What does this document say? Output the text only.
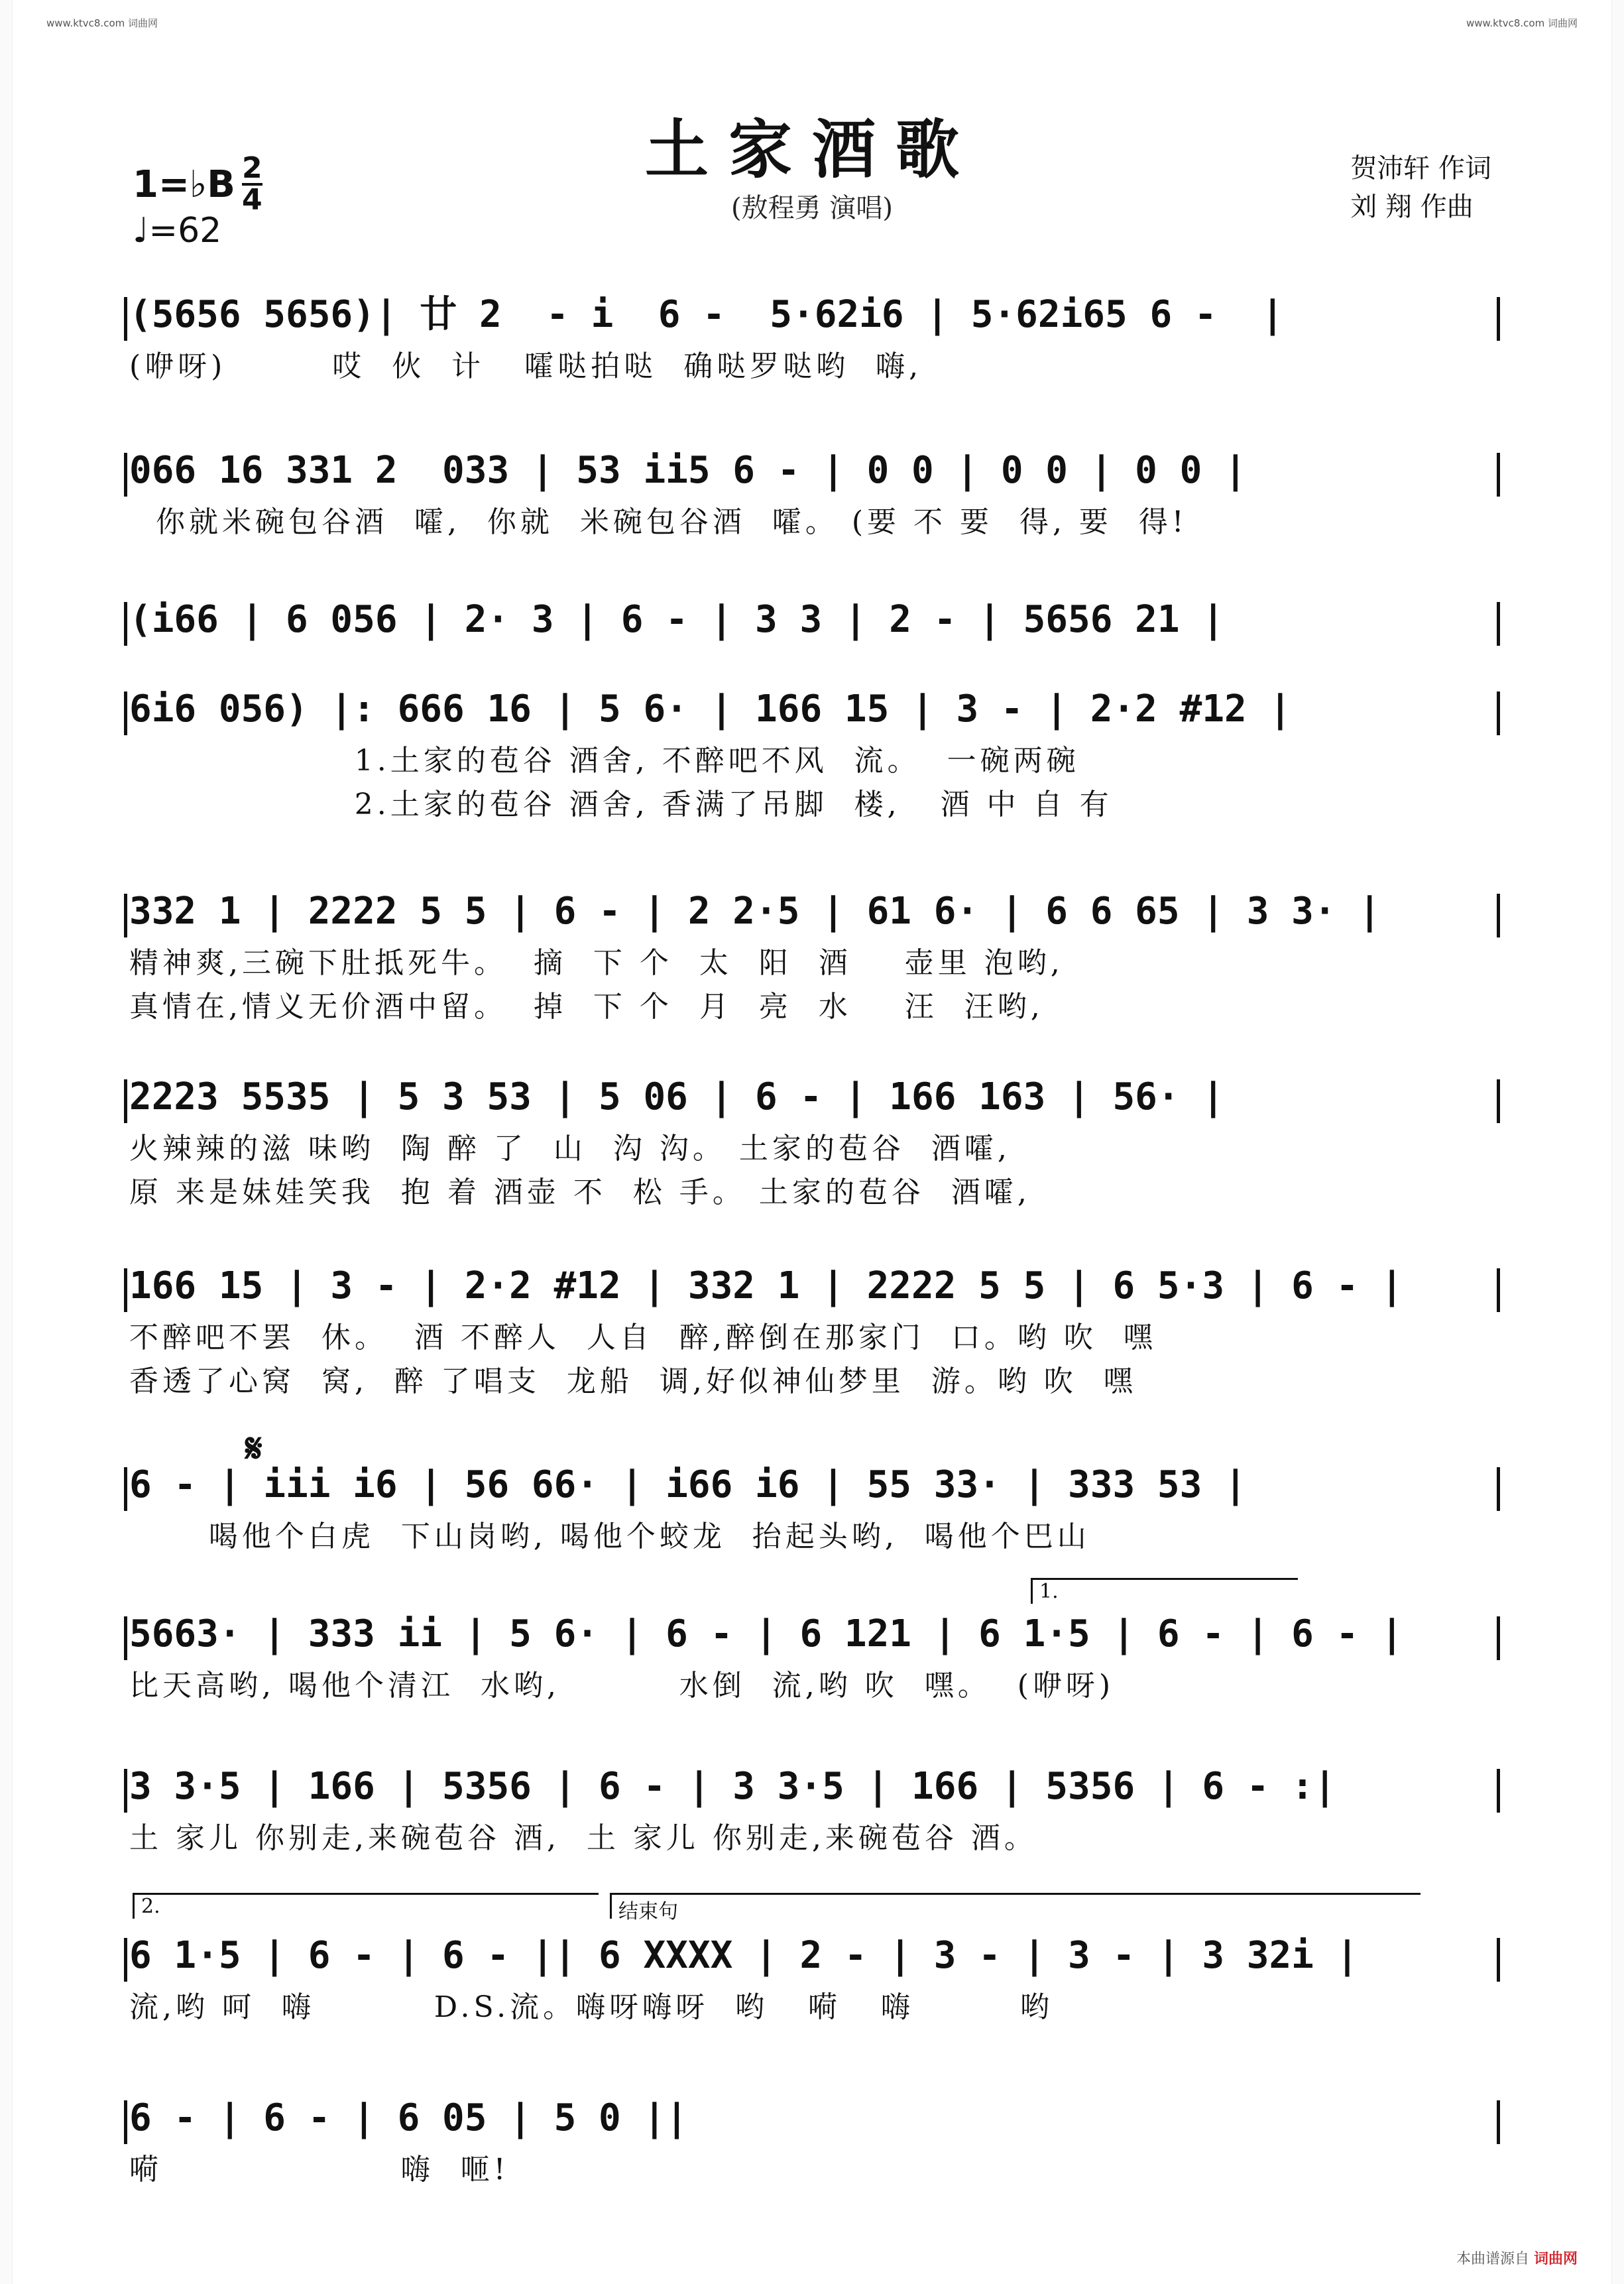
www.ktvc8.com 词曲网	www.ktvc8.com 词曲网
土家酒歌
(敖程勇 演唱)
贺沛轩 作词
刘 翔 作曲
1=♭B $\frac{2}{4}$
♩=62
(5656 5656)| 廿 2  - i  6 -  5·62i6 | 5·62i65 6 -  |
(咿呀)        哎  伙  计   嚯哒拍哒  确哒罗哒哟  嗨,
066 16 331 2  033 | 53 ii5 6 - | 0 0 | 0 0 | 0 0 |
你就米碗包谷酒  嚯,  你就  米碗包谷酒  嚯。 (要 不 要  得, 要  得!
(i66 | 6 056 | 2· 3 | 6 - | 3 3 | 2 - | 5656 21 |
6i6 056) |: 666 16 | 5 6· | 166 15 | 3 - | 2·2 #12 |
1.土家的苞谷 酒舍, 不醉吧不风  流。  一碗两碗
2.土家的苞谷 酒舍, 香满了吊脚  楼,   酒 中 自 有
332 1 | 2222 5 5 | 6 - | 2 2·5 | 61 6· | 6 6 65 | 3 3· |
精神爽,三碗下肚抵死牛。  摘  下 个  太  阳  酒    壶里 泡哟,
真情在,情义无价酒中留。  掉  下 个  月  亮  水    汪  汪哟,
2223 5535 | 5 3 53 | 5 06 | 6 - | 166 163 | 56· |
火辣辣的滋 味哟  陶 醉 了  山  沟 沟。 土家的苞谷  酒嚯,
原 来是妹娃笑我  抱 着 酒壶 不  松 手。 土家的苞谷  酒嚯,
166 15 | 3 - | 2·2 #12 | 332 1 | 2222 5 5 | 6 5·3 | 6 - |
不醉吧不罢  休。  酒 不醉人  人自  醉,醉倒在那家门  口。哟 吹  嘿
香透了心窝  窝,  醉 了唱支  龙船  调,好似神仙梦里  游。哟 吹  嘿
6 - | iii i6 | 56 66· | i66 i6 | 55 33· | 333 53 |
喝他个白虎  下山岗哟, 喝他个蛟龙  抬起头哟,  喝他个巴山
5663· | 333 ii | 5 6· | 6 - | 6 121 | 6 1·5 | 6 - | 6 - |
比天高哟, 喝他个清江  水哟,         水倒  流,哟 吹  嘿。  (咿呀)
3 3·5 | 166 | 5356 | 6 - | 3 3·5 | 166 | 5356 | 6 - :|
土 家儿 你别走,来碗苞谷 酒,  土 家儿 你别走,来碗苞谷 酒。
6 1·5 | 6 - | 6 - || 6 XXXX | 2 - | 3 - | 3 - | 3 32i |
流,哟 呵  嗨         D.S.流。嗨呀嗨呀  哟   嗬   嗨        哟
6 - | 6 - | 6 05 | 5 0 ||
嗬                  嗨  咂!
𝄋
1.
2.	结束句
本曲谱源自 词曲网
